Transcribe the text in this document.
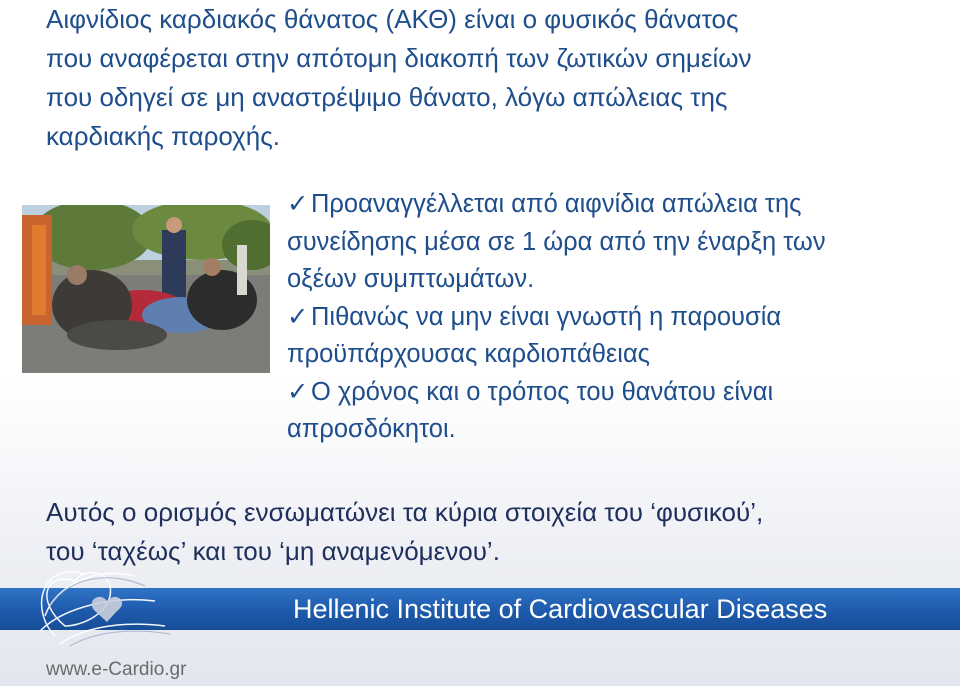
Αιφνίδιος καρδιακός θάνατος (ΑΚΘ) είναι ο φυσικός θάνατος
που αναφέρεται στην απότομη διακοπή των ζωτικών σημείων
που οδηγεί σε μη αναστρέψιμο θάνατο, λόγω απώλειας της
καρδιακής παροχής.

✓ Προαναγγέλλεται από αιφνίδια απώλεια της
συνείδησης μέσα σε 1 ώρα από την έναρξη των
οξέων συμπτωμάτων.
✓ Πιθανώς να μην είναι γνωστή η παρουσία
προϋπάρχουσας καρδιοπάθειας
✓ Ο χρόνος και ο τρόπος του θανάτου είναι
απροσδόκητοι.

Αυτός ο ορισμός ενσωματώνει τα κύρια στοιχεία του ‘φυσικού’,
του ‘ταχέως’ και του ‘μη αναμενόμενου’.

Hellenic Institute of Cardiovascular Diseases
www.e-Cardio.gr
